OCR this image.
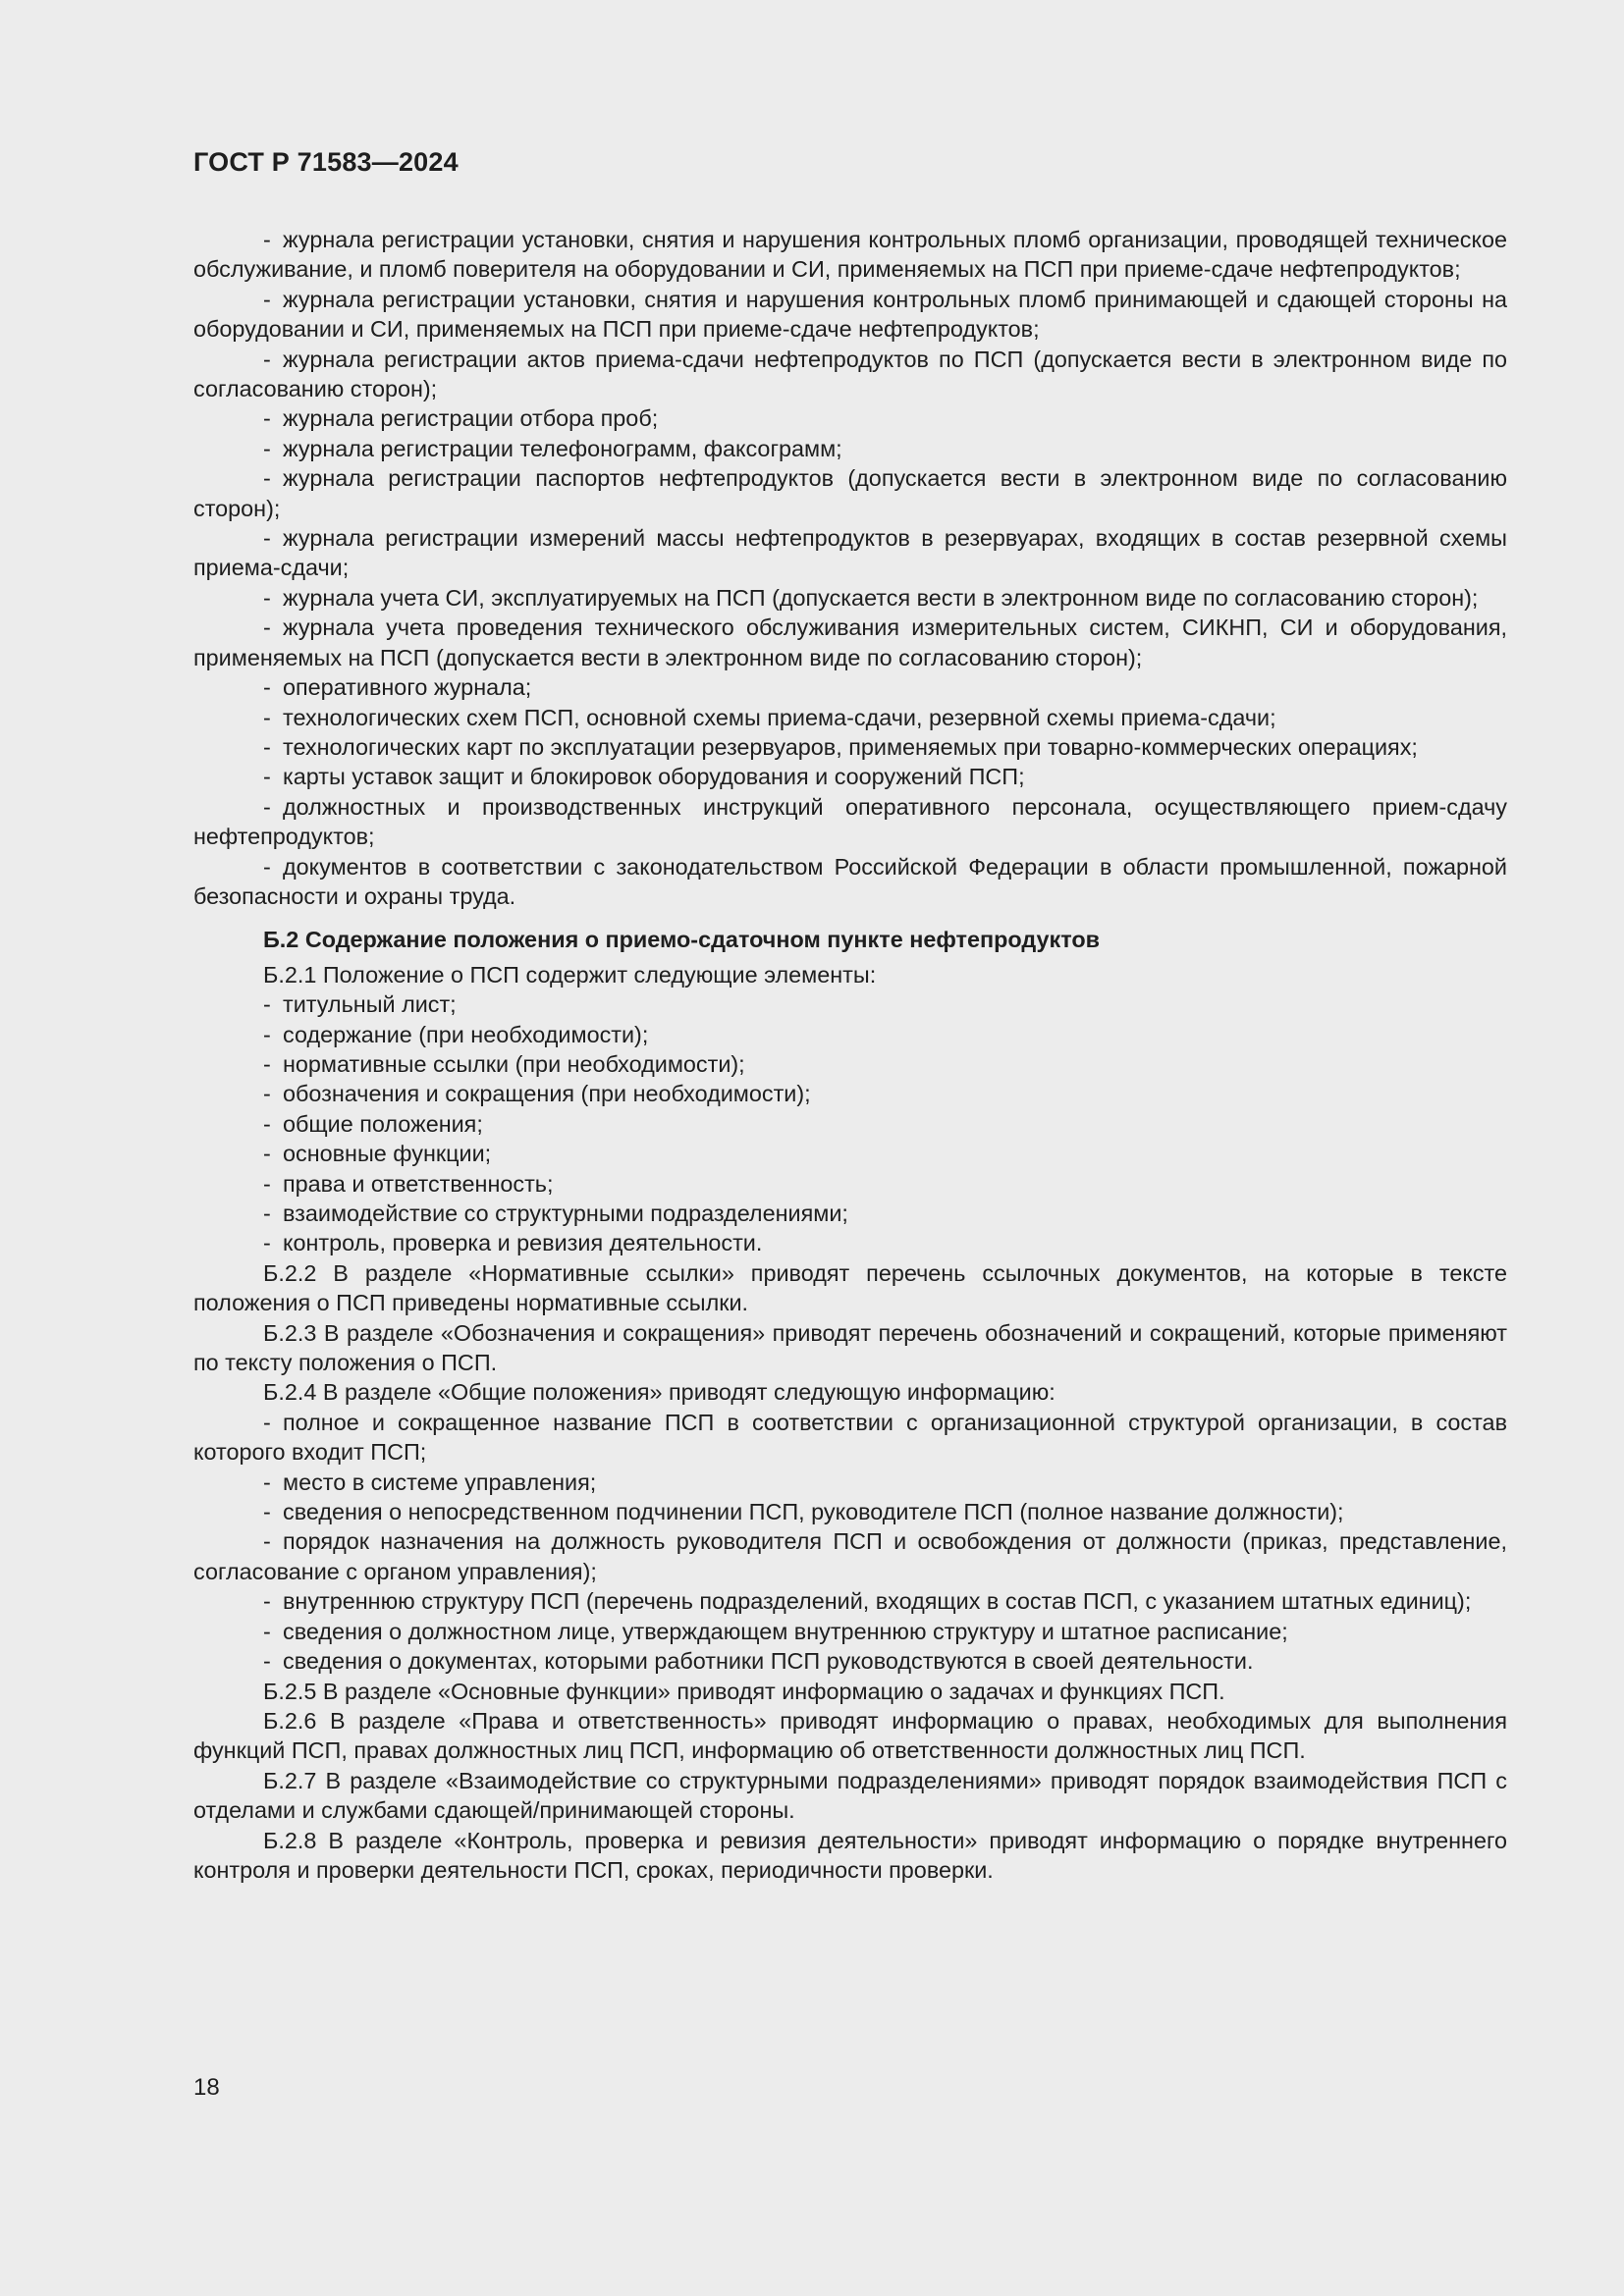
ГОСТ Р 71583—2024

- журнала регистрации установки, снятия и нарушения контрольных пломб организации, проводящей техническое обслуживание, и пломб поверителя на оборудовании и СИ, применяемых на ПСП при приеме-сдаче нефтепродуктов;

- журнала регистрации установки, снятия и нарушения контрольных пломб принимающей и сдающей стороны на оборудовании и СИ, применяемых на ПСП при приеме-сдаче нефтепродуктов;

- журнала регистрации актов приема-сдачи нефтепродуктов по ПСП (допускается вести в электронном виде по согласованию сторон);

- журнала регистрации отбора проб;

- журнала регистрации телефонограмм, факсограмм;

- журнала регистрации паспортов нефтепродуктов (допускается вести в электронном виде по согласованию сторон);

- журнала регистрации измерений массы нефтепродуктов в резервуарах, входящих в состав резервной схемы приема-сдачи;

- журнала учета СИ, эксплуатируемых на ПСП (допускается вести в электронном виде по согласованию сторон);

- журнала учета проведения технического обслуживания измерительных систем, СИКНП, СИ и оборудования, применяемых на ПСП (допускается вести в электронном виде по согласованию сторон);

- оперативного журнала;

- технологических схем ПСП, основной схемы приема-сдачи, резервной схемы приема-сдачи;

- технологических карт по эксплуатации резервуаров, применяемых при товарно-коммерческих операциях;

- карты уставок защит и блокировок оборудования и сооружений ПСП;

- должностных и производственных инструкций оперативного персонала, осуществляющего прием-сдачу нефтепродуктов;

- документов в соответствии с законодательством Российской Федерации в области промышленной, пожарной безопасности и охраны труда.

Б.2 Содержание положения о приемо-сдаточном пункте нефтепродуктов

Б.2.1 Положение о ПСП содержит следующие элементы:

- титульный лист;

- содержание (при необходимости);

- нормативные ссылки (при необходимости);

- обозначения и сокращения (при необходимости);

- общие положения;

- основные функции;

- права и ответственность;

- взаимодействие со структурными подразделениями;

- контроль, проверка и ревизия деятельности.

Б.2.2 В разделе «Нормативные ссылки» приводят перечень ссылочных документов, на которые в тексте положения о ПСП приведены нормативные ссылки.

Б.2.3 В разделе «Обозначения и сокращения» приводят перечень обозначений и сокращений, которые применяют по тексту положения о ПСП.

Б.2.4 В разделе «Общие положения» приводят следующую информацию:

- полное и сокращенное название ПСП в соответствии с организационной структурой организации, в состав которого входит ПСП;

- место в системе управления;

- сведения о непосредственном подчинении ПСП, руководителе ПСП (полное название должности);

- порядок назначения на должность руководителя ПСП и освобождения от должности (приказ, представление, согласование с органом управления);

- внутреннюю структуру ПСП (перечень подразделений, входящих в состав ПСП, с указанием штатных единиц);

- сведения о должностном лице, утверждающем внутреннюю структуру и штатное расписание;

- сведения о документах, которыми работники ПСП руководствуются в своей деятельности.

Б.2.5 В разделе «Основные функции» приводят информацию о задачах и функциях ПСП.

Б.2.6 В разделе «Права и ответственность» приводят информацию о правах, необходимых для выполнения функций ПСП, правах должностных лиц ПСП, информацию об ответственности должностных лиц ПСП.

Б.2.7 В разделе «Взаимодействие со структурными подразделениями» приводят порядок взаимодействия ПСП с отделами и службами сдающей/принимающей стороны.

Б.2.8 В разделе «Контроль, проверка и ревизия деятельности» приводят информацию о порядке внутреннего контроля и проверки деятельности ПСП, сроках, периодичности проверки.

18
